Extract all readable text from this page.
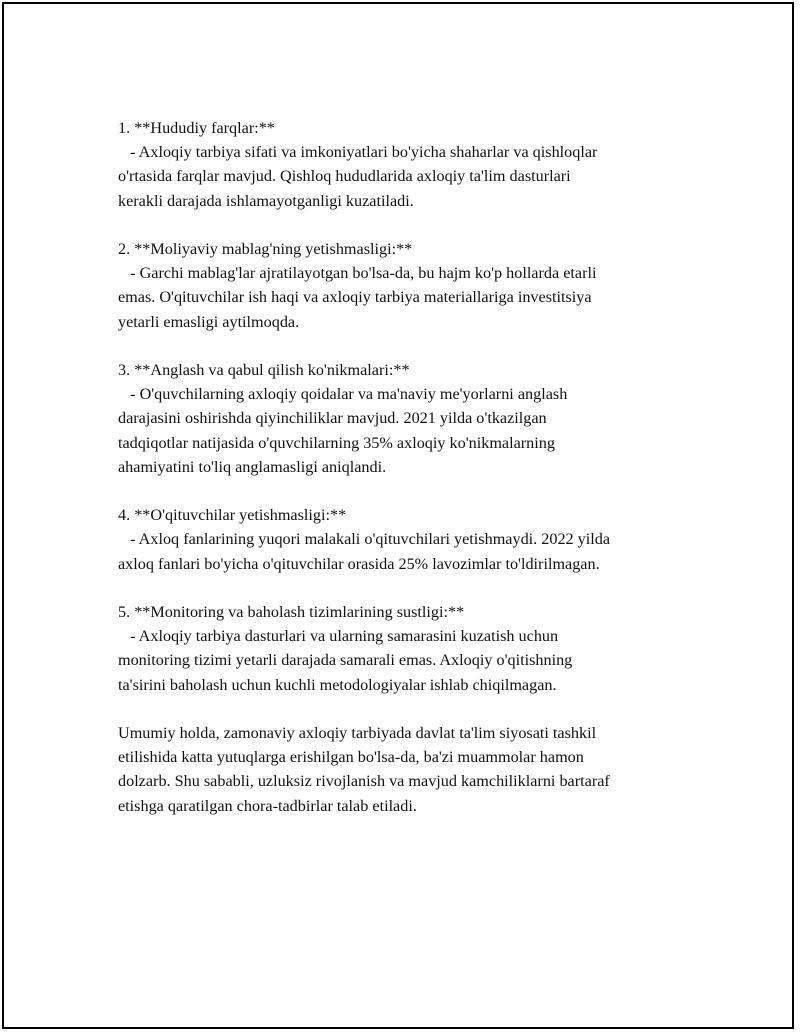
1. **Hududiy farqlar:**
- Axloqiy tarbiya sifati va imkoniyatlari bo'yicha shaharlar va qishloqlar
o'rtasida farqlar mavjud. Qishloq hududlarida axloqiy ta'lim dasturlari
kerakli darajada ishlamayotganligi kuzatiladi.
2. **Moliyaviy mablag'ning yetishmasligi:**
- Garchi mablag'lar ajratilayotgan bo'lsa-da, bu hajm ko'p hollarda etarli
emas. O'qituvchilar ish haqi va axloqiy tarbiya materiallariga investitsiya
yetarli emasligi aytilmoqda.
3. **Anglash va qabul qilish ko'nikmalari:**
- O'quvchilarning axloqiy qoidalar va ma'naviy me'yorlarni anglash
darajasini oshirishda qiyinchiliklar mavjud. 2021 yilda o'tkazilgan
tadqiqotlar natijasida o'quvchilarning 35% axloqiy ko'nikmalarning
ahamiyatini to'liq anglamasligi aniqlandi.
4. **O'qituvchilar yetishmasligi:**
- Axloq fanlarining yuqori malakali o'qituvchilari yetishmaydi. 2022 yilda
axloq fanlari bo'yicha o'qituvchilar orasida 25% lavozimlar to'ldirilmagan.
5. **Monitoring va baholash tizimlarining sustligi:**
- Axloqiy tarbiya dasturlari va ularning samarasini kuzatish uchun
monitoring tizimi yetarli darajada samarali emas. Axloqiy o'qitishning
ta'sirini baholash uchun kuchli metodologiyalar ishlab chiqilmagan.
Umumiy holda, zamonaviy axloqiy tarbiyada davlat ta'lim siyosati tashkil
etilishida katta yutuqlarga erishilgan bo'lsa-da, ba'zi muammolar hamon
dolzarb. Shu sababli, uzluksiz rivojlanish va mavjud kamchiliklarni bartaraf
etishga qaratilgan chora-tadbirlar talab etiladi.
